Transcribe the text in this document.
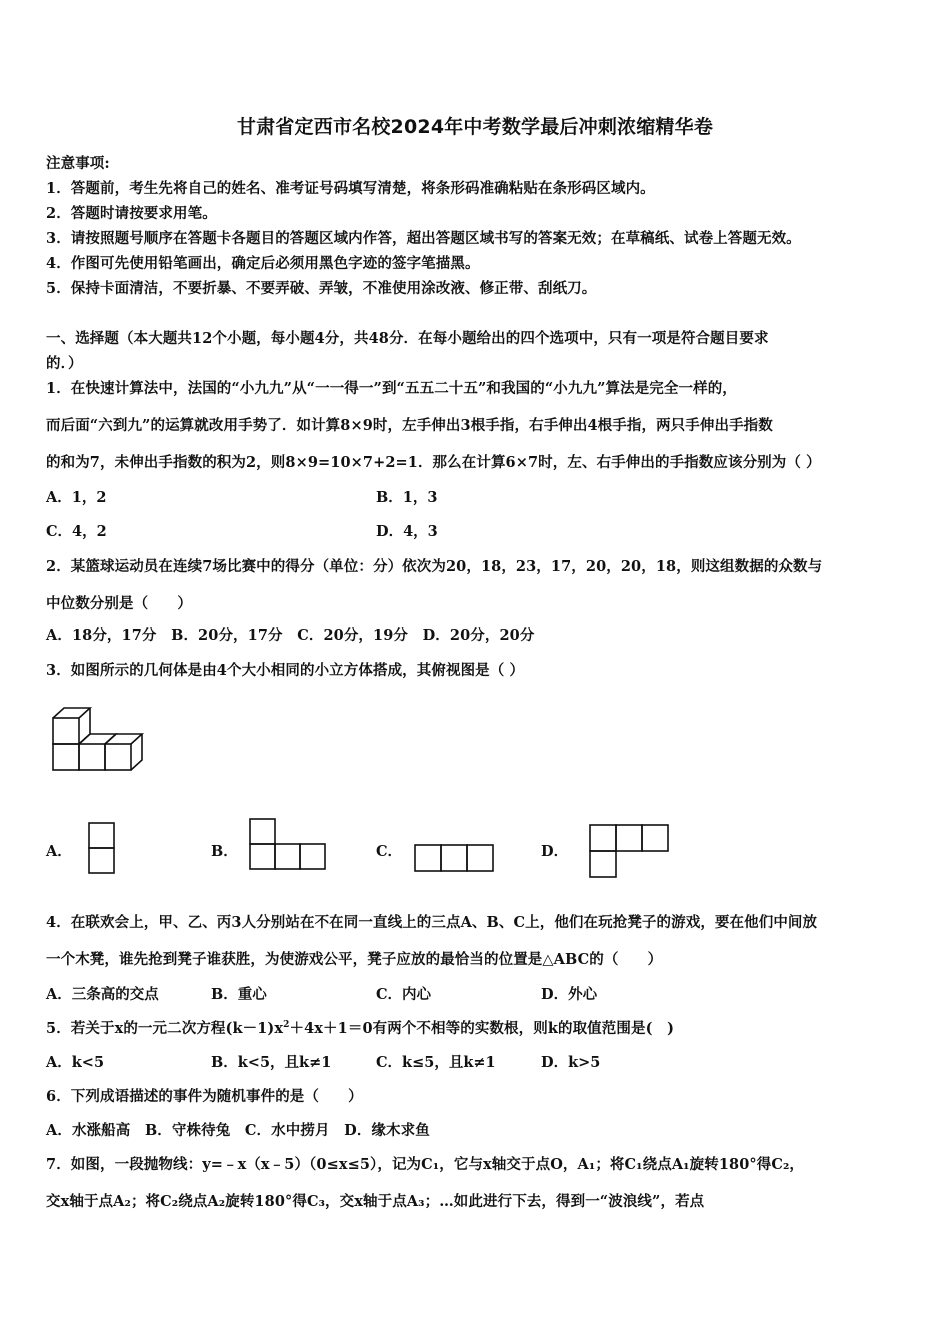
甘肃省定西市名校2024年中考数学最后冲刺浓缩精华卷
注意事项:
1．答题前，考生先将自己的姓名、准考证号码填写清楚，将条形码准确粘贴在条形码区域内。
2．答题时请按要求用笔。
3．请按照题号顺序在答题卡各题目的答题区域内作答，超出答题区域书写的答案无效；在草稿纸、试卷上答题无效。
4．作图可先使用铅笔画出，确定后必须用黑色字迹的签字笔描黑。
5．保持卡面清洁，不要折暴、不要弄破、弄皱，不准使用涂改液、修正带、刮纸刀。
一、选择题（本大题共12个小题，每小题4分，共48分．在每小题给出的四个选项中，只有一项是符合题目要求
的．）
1．在快速计算法中，法国的“小九九”从“一一得一”到“五五二十五”和我国的“小九九”算法是完全一样的，
而后面“六到九”的运算就改用手势了．如计算8×9时，左手伸出3根手指，右手伸出4根手指，两只手伸出手指数
的和为7，未伸出手指数的积为2，则8×9=10×7+2=1．那么在计算6×7时，左、右手伸出的手指数应该分别为（ ）
A．1，2	B．1，3
C．4，2	D．4，3
2．某篮球运动员在连续7场比赛中的得分（单位：分）依次为20，18，23，17，20，20，18，则这组数据的众数与
中位数分别是（　　）
A．18分，17分　B．20分，17分　C．20分，19分　D．20分，20分
3．如图所示的几何体是由4个大小相同的小立方体搭成，其俯视图是（ ）
A．	B．	C．	D．
4．在联欢会上，甲、乙、丙3人分别站在不在同一直线上的三点A、B、C上，他们在玩抢凳子的游戏，要在他们中间放
一个木凳，谁先抢到凳子谁获胜，为使游戏公平，凳子应放的最恰当的位置是△ABC的（　　）
A．三条高的交点	B．重心	C．内心	D．外心
5．若关于x的一元二次方程$(k-1)x^2+4x+1=0$有两个不相等的实数根，则k的取值范围是(　)
A．k<5	B．k<5，且k≠1	C．k≤5，且k≠1	D．k>5
6．下列成语描述的事件为随机事件的是（　　）
A．水涨船高　B．守株待兔　C．水中捞月　D．缘木求鱼
7．如图，一段抛物线：y=﹣x（x﹣5）（0≤x≤5），记为C₁，它与x轴交于点O，A₁；将C₁绕点A₁旋转180°得C₂，
交x轴于点A₂；将C₂绕点A₂旋转180°得C₃，交x轴于点A₃；…如此进行下去，得到一“波浪线”，若点
